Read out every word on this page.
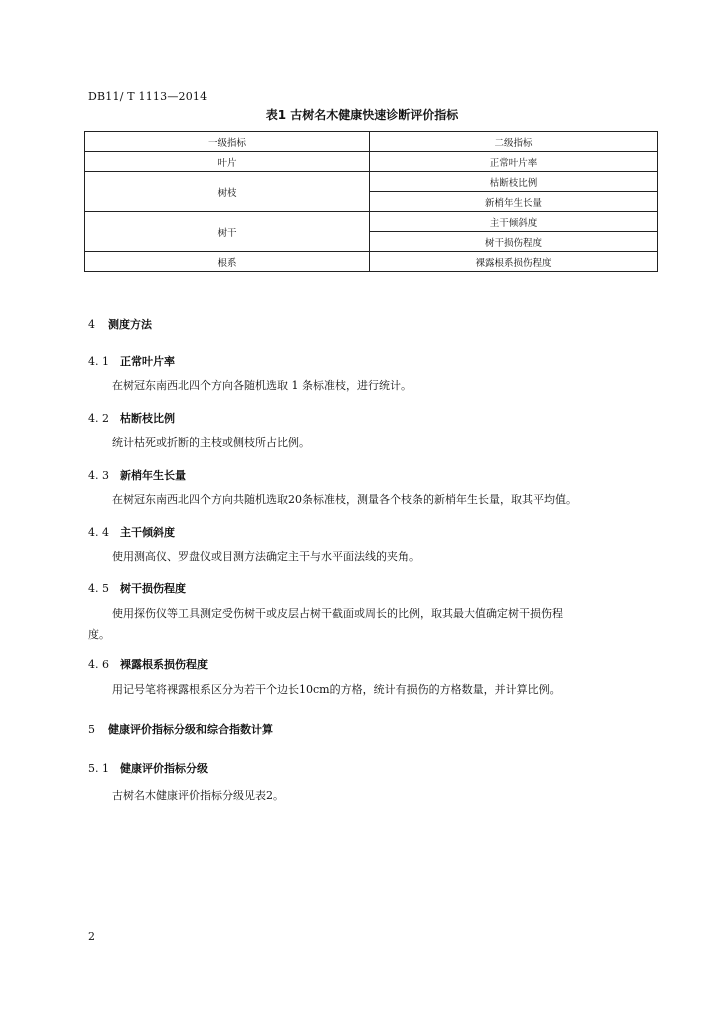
DB11/ T 1113—2014
表1 古树名木健康快速诊断评价指标
一级指标	二级指标
叶片	正常叶片率
树枝	枯断枝比例
	新梢年生长量
树干	主干倾斜度
	树干损伤程度
根系	裸露根系损伤程度
4 测度方法
4. 1 正常叶片率
在树冠东南西北四个方向各随机选取 1 条标准枝，进行统计。
4. 2 枯断枝比例
统计枯死或折断的主枝或侧枝所占比例。
4. 3 新梢年生长量
在树冠东南西北四个方向共随机选取20条标准枝，测量各个枝条的新梢年生长量，取其平均值。
4. 4 主干倾斜度
使用测高仪、罗盘仪或目测方法确定主干与水平面法线的夹角。
4. 5 树干损伤程度
使用探伤仪等工具测定受伤树干或皮层占树干截面或周长的比例，取其最大值确定树干损伤程
度。
4. 6 裸露根系损伤程度
用记号笔将裸露根系区分为若干个边长10cm的方格，统计有损伤的方格数量，并计算比例。
5 健康评价指标分级和综合指数计算
5. 1 健康评价指标分级
古树名木健康评价指标分级见表2。
2
